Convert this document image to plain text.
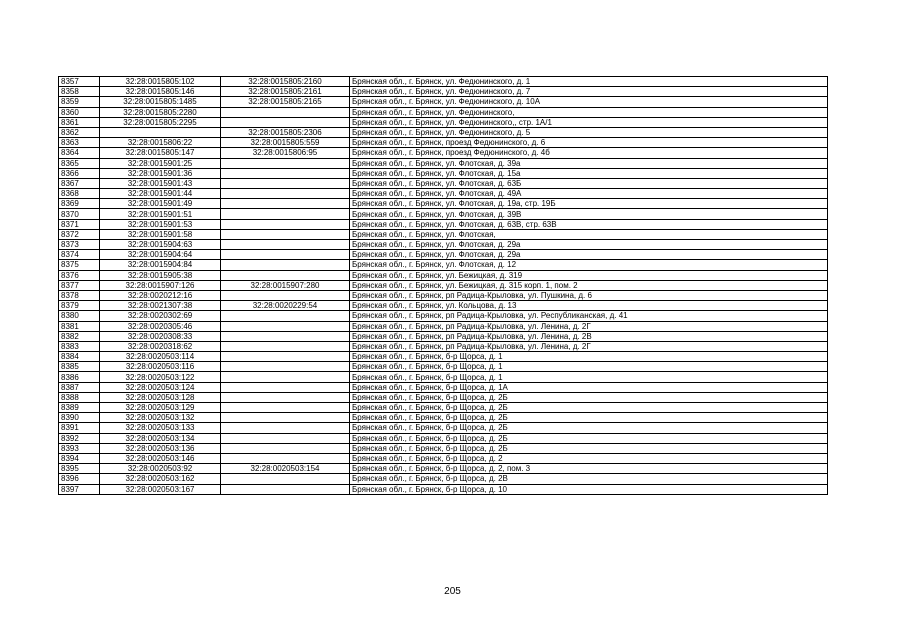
8357	32:28:0015805:102	32:28:0015805:2160	Брянская обл., г. Брянск, ул. Федюнинского, д. 1
8358	32:28:0015805:146	32:28:0015805:2161	Брянская обл., г. Брянск, ул. Федюнинского, д. 7
8359	32:28:0015805:1485	32:28:0015805:2165	Брянская обл., г. Брянск, ул. Федюнинского, д. 10А
8360	32:28:0015805:2280		Брянская обл., г. Брянск, ул. Федюнинского,
8361	32:28:0015805:2295		Брянская обл., г. Брянск, ул. Федюнинского,, стр. 1А/1
8362		32:28:0015805:2306	Брянская обл., г. Брянск, ул. Федюнинского, д. 5
8363	32:28:0015806:22	32:28:0015805:559	Брянская обл., г. Брянск, проезд Федюнинского, д. 6
8364	32:28:0015805:147	32:28:0015806:95	Брянская обл., г. Брянск, проезд Федюнинского, д. 4б
8365	32:28:0015901:25		Брянская обл., г. Брянск, ул. Флотская, д. 39а
8366	32:28:0015901:36		Брянская обл., г. Брянск, ул. Флотская, д. 15а
8367	32:28:0015901:43		Брянская обл., г. Брянск, ул. Флотская, д. 63Б
8368	32:28:0015901:44		Брянская обл., г. Брянск, ул. Флотская, д. 49А
8369	32:28:0015901:49		Брянская обл., г. Брянск, ул. Флотская, д. 19а, стр. 19Б
8370	32:28:0015901:51		Брянская обл., г. Брянск, ул. Флотская, д. 39В
8371	32:28:0015901:53		Брянская обл., г. Брянск, ул. Флотская, д. 63В, стр. 63В
8372	32:28:0015901:58		Брянская обл., г. Брянск, ул. Флотская,
8373	32:28:0015904:63		Брянская обл., г. Брянск, ул. Флотская, д. 29а
8374	32:28:0015904:64		Брянская обл., г. Брянск, ул. Флотская, д. 29а
8375	32:28:0015904:84		Брянская обл., г. Брянск, ул. Флотская, д. 12
8376	32:28:0015905:38		Брянская обл., г. Брянск, ул. Бежицкая, д. 319
8377	32:28:0015907:126	32:28:0015907:280	Брянская обл., г. Брянск, ул. Бежицкая, д. 315 корп. 1, пом. 2
8378	32:28:0020212:16		Брянская обл., г. Брянск, рп Радица-Крыловка, ул. Пушкина, д. 6
8379	32:28:0021307:38	32:28:0020229:54	Брянская обл., г. Брянск, ул. Кольцова, д. 13
8380	32:28:0020302:69		Брянская обл., г. Брянск, рп Радица-Крыловка, ул. Республиканская, д. 41
8381	32:28:0020305:46		Брянская обл., г. Брянск, рп Радица-Крыловка, ул. Ленина, д. 2Г
8382	32:28:0020308:33		Брянская обл., г. Брянск, рп Радица-Крыловка, ул. Ленина, д. 2В
8383	32:28:0020318:62		Брянская обл., г. Брянск, рп Радица-Крыловка, ул. Ленина, д. 2Г
8384	32:28:0020503:114		Брянская обл., г. Брянск, б-р Щорса, д. 1
8385	32:28:0020503:116		Брянская обл., г. Брянск, б-р Щорса, д. 1
8386	32:28:0020503:122		Брянская обл., г. Брянск, б-р Щорса, д. 1
8387	32:28:0020503:124		Брянская обл., г. Брянск, б-р Щорса, д. 1А
8388	32:28:0020503:128		Брянская обл., г. Брянск, б-р Щорса, д. 2Б
8389	32:28:0020503:129		Брянская обл., г. Брянск, б-р Щорса, д. 2Б
8390	32:28:0020503:132		Брянская обл., г. Брянск, б-р Щорса, д. 2Б
8391	32:28:0020503:133		Брянская обл., г. Брянск, б-р Щорса, д. 2Б
8392	32:28:0020503:134		Брянская обл., г. Брянск, б-р Щорса, д. 2Б
8393	32:28:0020503:136		Брянская обл., г. Брянск, б-р Щорса, д. 2Б
8394	32:28:0020503:146		Брянская обл., г. Брянск, б-р Щорса, д. 2
8395	32:28:0020503:92	32:28:0020503:154	Брянская обл., г. Брянск, б-р Щорса, д. 2, пом. 3
8396	32:28:0020503:162		Брянская обл., г. Брянск, б-р Щорса, д. 2В
8397	32:28:0020503:167		Брянская обл., г. Брянск, б-р Щорса, д. 10
205
